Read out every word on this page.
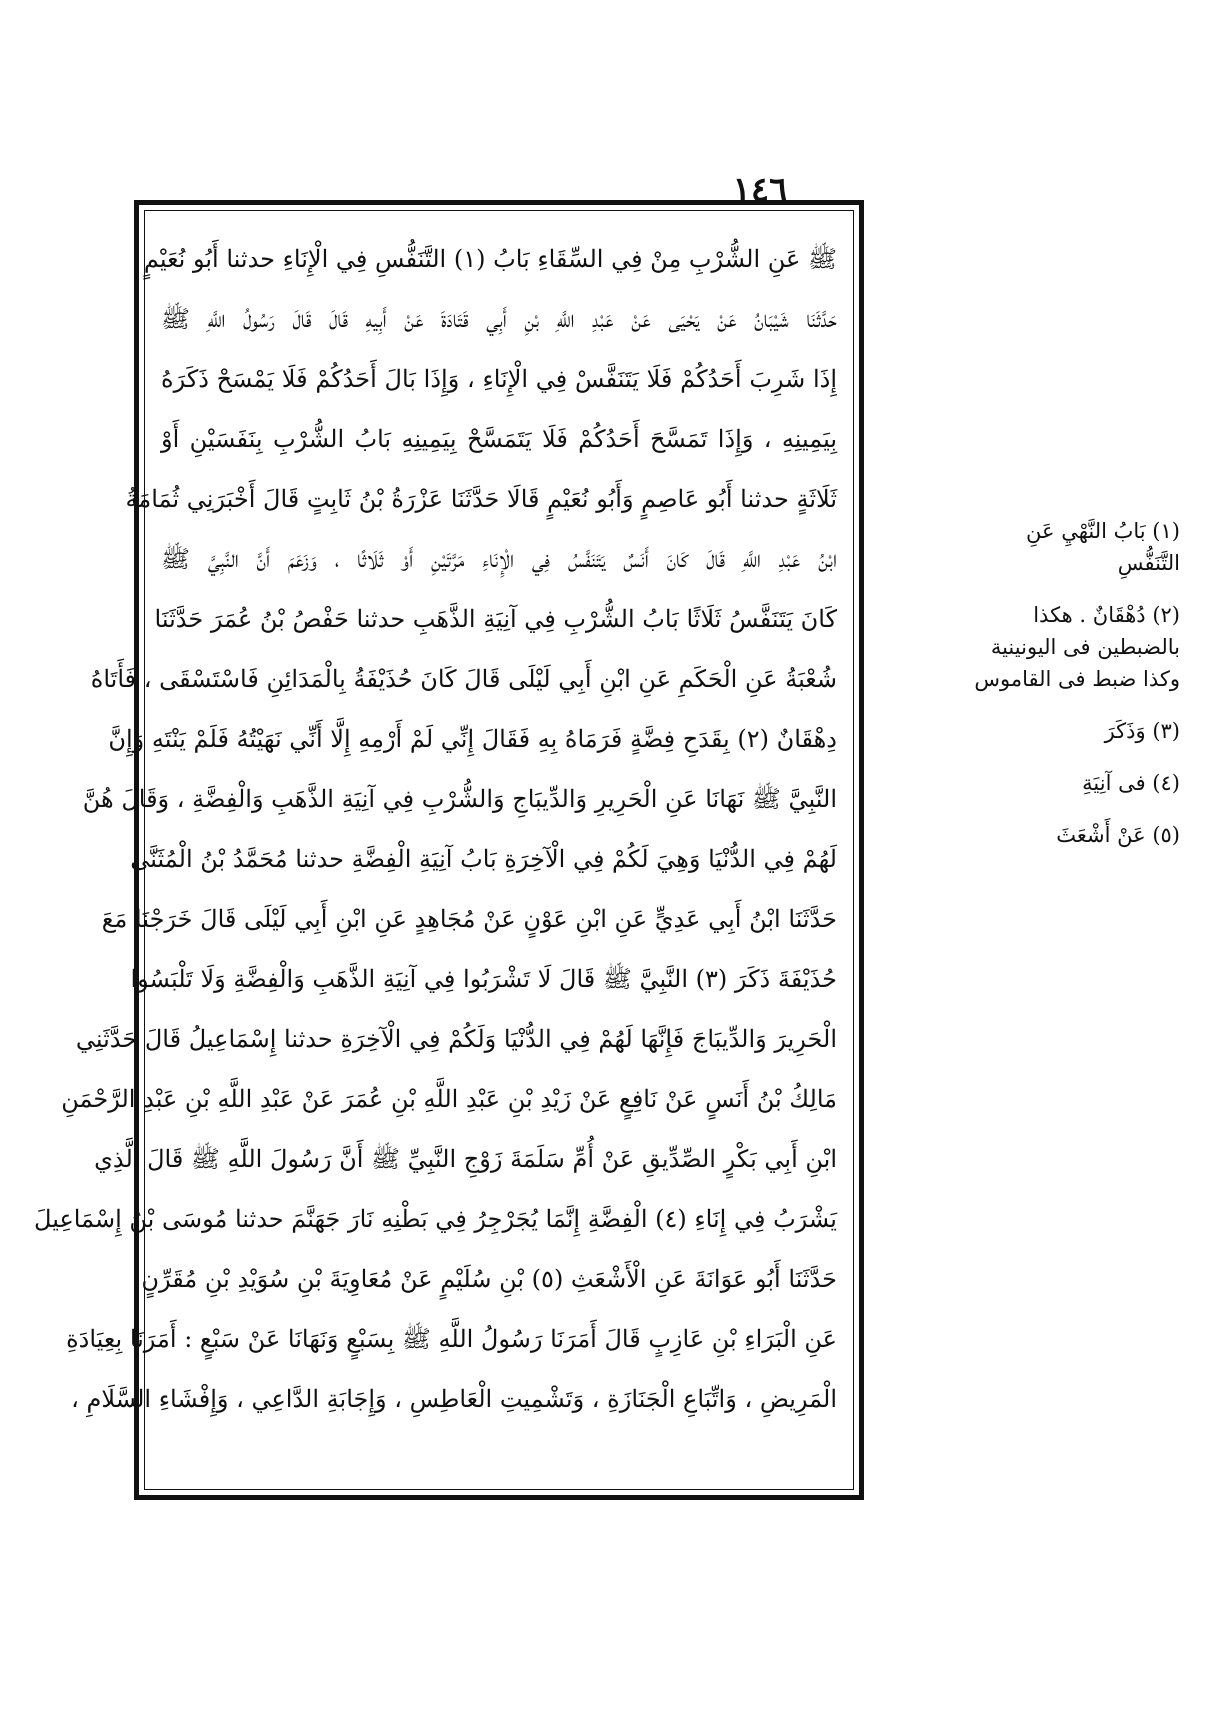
١٤٦
ﷺ عَنِ الشُّرْبِ مِنْ فِي السِّقَاءِ بَابُ (١) التَّنَفُّسِ فِي الْإِنَاءِ حدثنا أَبُو نُعَيْمٍ
حَدَّثَنَا شَيْبَانُ عَنْ يَحْيَى عَنْ عَبْدِ اللَّهِ بْنِ أَبِي قَتَادَةَ عَنْ أَبِيهِ قَالَ قَالَ رَسُولُ اللَّهِ ﷺ
إِذَا شَرِبَ أَحَدُكُمْ فَلَا يَتَنَفَّسْ فِي الْإِنَاءِ ، وَإِذَا بَالَ أَحَدُكُمْ فَلَا يَمْسَحْ ذَكَرَهُ
بِيَمِينِهِ ، وَإِذَا تَمَسَّحَ أَحَدُكُمْ فَلَا يَتَمَسَّحْ بِيَمِينِهِ بَابُ الشُّرْبِ بِنَفَسَيْنِ أَوْ
ثَلَاثَةٍ حدثنا أَبُو عَاصِمٍ وَأَبُو نُعَيْمٍ قَالَا حَدَّثَنَا عَزْرَةُ بْنُ ثَابِتٍ قَالَ أَخْبَرَنِي ثُمَامَةُ
ابْنُ عَبْدِ اللَّهِ قَالَ كَانَ أَنَسٌ يَتَنَفَّسُ فِي الْإِنَاءِ مَرَّتَيْنِ أَوْ ثَلَاثًا ، وَزَعَمَ أَنَّ النَّبِيَّ ﷺ
كَانَ يَتَنَفَّسُ ثَلَاثًا بَابُ الشُّرْبِ فِي آنِيَةِ الذَّهَبِ حدثنا حَفْصُ بْنُ عُمَرَ حَدَّثَنَا
شُعْبَةُ عَنِ الْحَكَمِ عَنِ ابْنِ أَبِي لَيْلَى قَالَ كَانَ حُذَيْفَةُ بِالْمَدَائِنِ فَاسْتَسْقَى ، فَأَتَاهُ
دِهْقَانٌ (٢) بِقَدَحِ فِضَّةٍ فَرَمَاهُ بِهِ فَقَالَ إِنِّي لَمْ أَرْمِهِ إِلَّا أَنِّي نَهَيْتُهُ فَلَمْ يَنْتَهِ وَإِنَّ
النَّبِيَّ ﷺ نَهَانَا عَنِ الْحَرِيرِ وَالدِّيبَاجِ وَالشُّرْبِ فِي آنِيَةِ الذَّهَبِ وَالْفِضَّةِ ، وَقَالَ هُنَّ
لَهُمْ فِي الدُّنْيَا وَهِيَ لَكُمْ فِي الْآخِرَةِ بَابُ آنِيَةِ الْفِضَّةِ حدثنا مُحَمَّدُ بْنُ الْمُثَنَّى
حَدَّثَنَا ابْنُ أَبِي عَدِيٍّ عَنِ ابْنِ عَوْنٍ عَنْ مُجَاهِدٍ عَنِ ابْنِ أَبِي لَيْلَى قَالَ خَرَجْنَا مَعَ
حُذَيْفَةَ ذَكَرَ (٣) النَّبِيَّ ﷺ قَالَ لَا تَشْرَبُوا فِي آنِيَةِ الذَّهَبِ وَالْفِضَّةِ وَلَا تَلْبَسُوا
الْحَرِيرَ وَالدِّيبَاجَ فَإِنَّهَا لَهُمْ فِي الدُّنْيَا وَلَكُمْ فِي الْآخِرَةِ حدثنا إِسْمَاعِيلُ قَالَ حَدَّثَنِي
مَالِكُ بْنُ أَنَسٍ عَنْ نَافِعٍ عَنْ زَيْدِ بْنِ عَبْدِ اللَّهِ بْنِ عُمَرَ عَنْ عَبْدِ اللَّهِ بْنِ عَبْدِ الرَّحْمَنِ
ابْنِ أَبِي بَكْرٍ الصِّدِّيقِ عَنْ أُمِّ سَلَمَةَ زَوْجِ النَّبِيِّ ﷺ أَنَّ رَسُولَ اللَّهِ ﷺ قَالَ الَّذِي
يَشْرَبُ فِي إِنَاءِ (٤) الْفِضَّةِ إِنَّمَا يُجَرْجِرُ فِي بَطْنِهِ نَارَ جَهَنَّمَ حدثنا مُوسَى بْنُ إِسْمَاعِيلَ
حَدَّثَنَا أَبُو عَوَانَةَ عَنِ الْأَشْعَثِ (٥) بْنِ سُلَيْمٍ عَنْ مُعَاوِيَةَ بْنِ سُوَيْدِ بْنِ مُقَرِّنٍ
عَنِ الْبَرَاءِ بْنِ عَازِبٍ قَالَ أَمَرَنَا رَسُولُ اللَّهِ ﷺ بِسَبْعٍ وَنَهَانَا عَنْ سَبْعٍ : أَمَرَنَا بِعِيَادَةِ
الْمَرِيضِ ، وَاتِّبَاعِ الْجَنَازَةِ ، وَتَشْمِيتِ الْعَاطِسِ ، وَإِجَابَةِ الدَّاعِي ، وَإِفْشَاءِ السَّلَامِ ،
(١) بَابُ النَّهْيِ عَنِ
التَّنَفُّسِ
(٢) دُهْقَانٌ . هكذا
بالضبطين فى اليونينية
وكذا ضبط فى القاموس
(٣) وَذَكَرَ
(٤) فى آنِيَةِ
(٥) عَنْ أَشْعَثَ
